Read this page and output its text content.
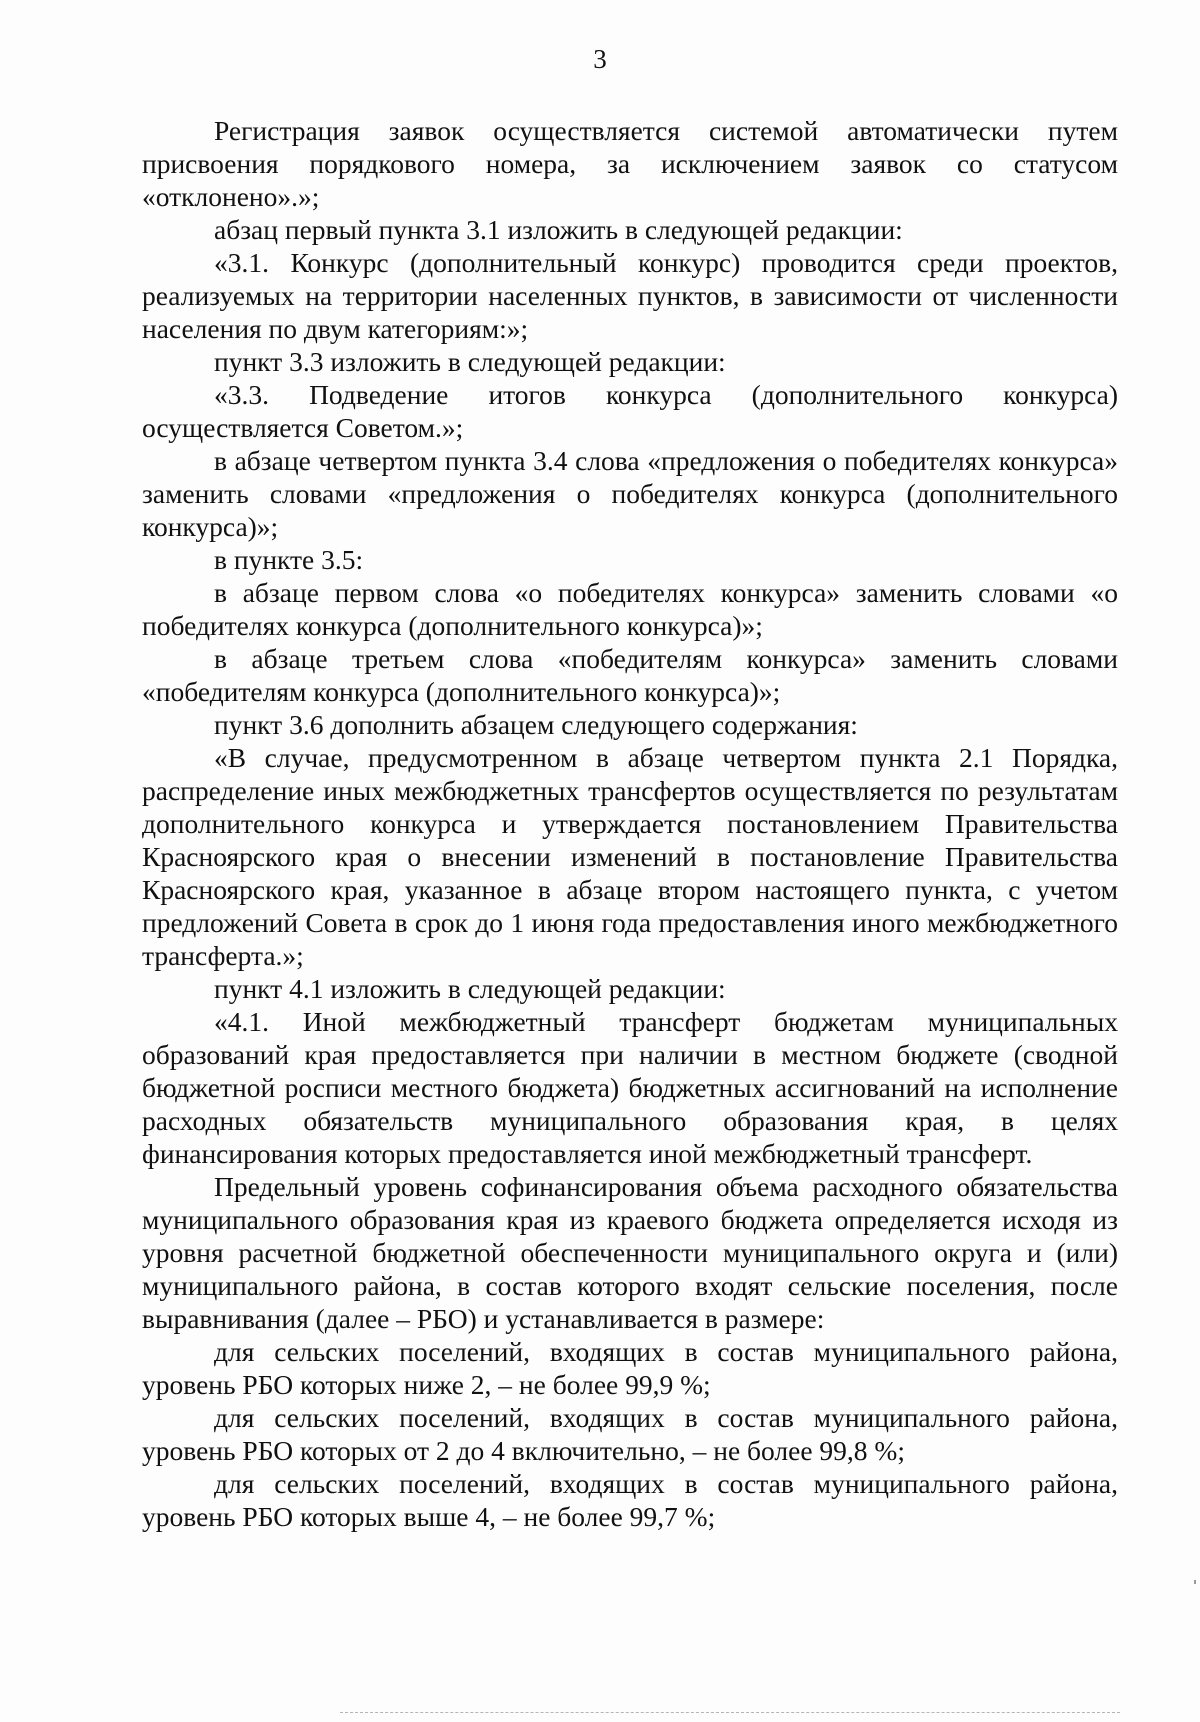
3

Регистрация заявок осуществляется системой автоматически путем присвоения порядкового номера, за исключением заявок со статусом «отклонено».»;

абзац первый пункта 3.1 изложить в следующей редакции:

«3.1. Конкурс (дополнительный конкурс) проводится среди проектов, реализуемых на территории населенных пунктов, в зависимости от численности населения по двум категориям:»;

пункт 3.3 изложить в следующей редакции:

«3.3. Подведение итогов конкурса (дополнительного конкурса) осуществляется Советом.»;

в абзаце четвертом пункта 3.4 слова «предложения о победителях конкурса» заменить словами «предложения о победителях конкурса (дополнительного конкурса)»;

в пункте 3.5:

в абзаце первом слова «о победителях конкурса» заменить словами «о победителях конкурса (дополнительного конкурса)»;

в абзаце третьем слова «победителям конкурса» заменить словами «победителям конкурса (дополнительного конкурса)»;

пункт 3.6 дополнить абзацем следующего содержания:

«В случае, предусмотренном в абзаце четвертом пункта 2.1 Порядка, распределение иных межбюджетных трансфертов осуществляется по результатам дополнительного конкурса и утверждается постановлением Правительства Красноярского края о внесении изменений в постановление Правительства Красноярского края, указанное в абзаце втором настоящего пункта, с учетом предложений Совета в срок до 1 июня года предоставления иного межбюджетного трансферта.»;

пункт 4.1 изложить в следующей редакции:

«4.1. Иной межбюджетный трансферт бюджетам муниципальных образований края предоставляется при наличии в местном бюджете (сводной бюджетной росписи местного бюджета) бюджетных ассигнований на исполнение расходных обязательств муниципального образования края, в целях финансирования которых предоставляется иной межбюджетный трансферт.

Предельный уровень софинансирования объема расходного обязательства муниципального образования края из краевого бюджета определяется исходя из уровня расчетной бюджетной обеспеченности муниципального округа и (или) муниципального района, в состав которого входят сельские поселения, после выравнивания (далее – РБО) и устанавливается в размере:

для сельских поселений, входящих в состав муниципального района, уровень РБО которых ниже 2, – не более 99,9 %;

для сельских поселений, входящих в состав муниципального района, уровень РБО которых от 2 до 4 включительно, – не более 99,8 %;

для сельских поселений, входящих в состав муниципального района, уровень РБО которых выше 4, – не более 99,7 %;
